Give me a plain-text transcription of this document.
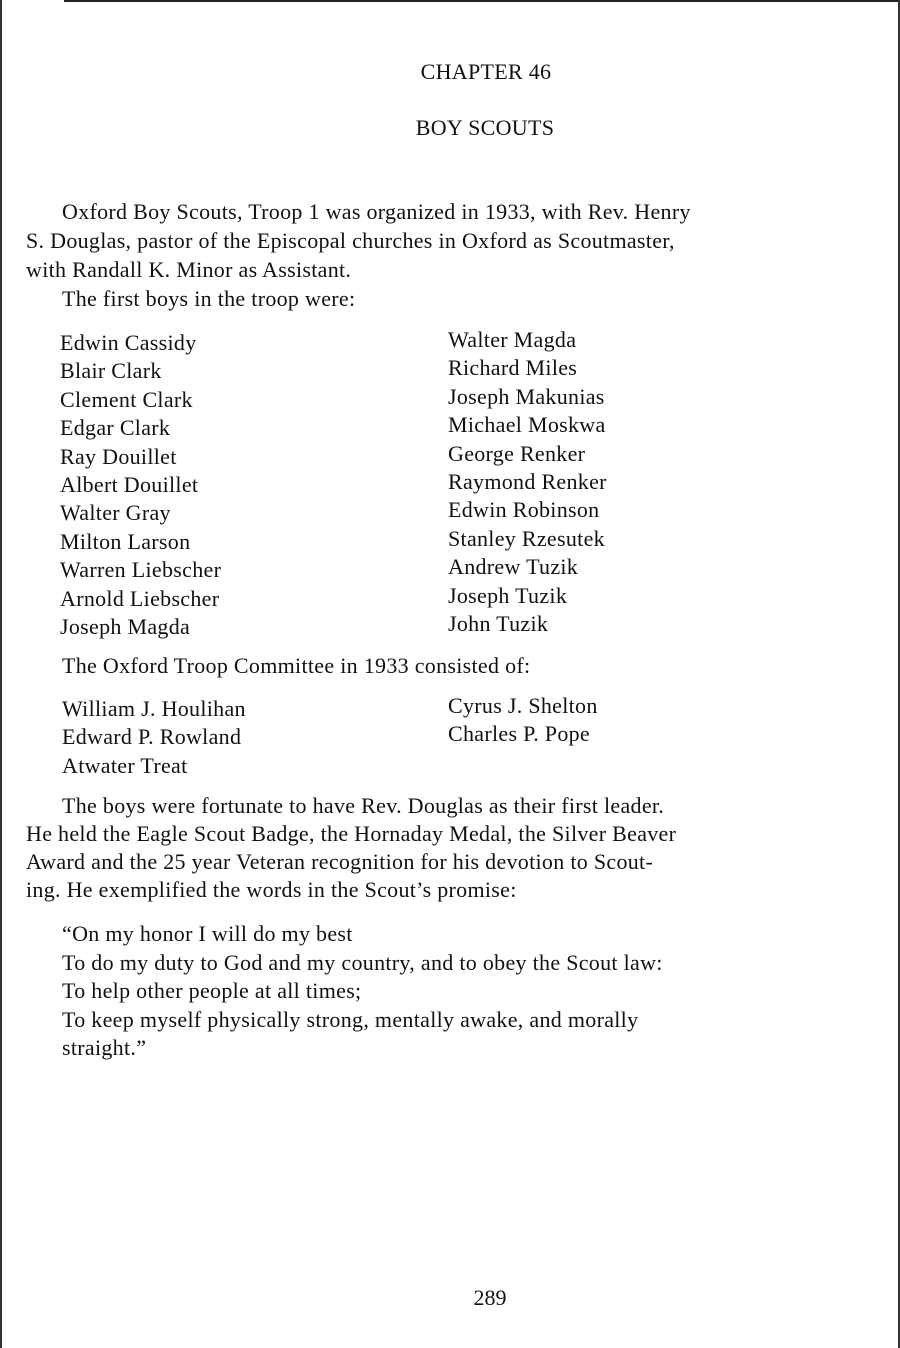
CHAPTER 46
BOY SCOUTS
Oxford Boy Scouts, Troop 1 was organized in 1933, with Rev. Henry
S. Douglas, pastor of the Episcopal churches in Oxford as Scoutmaster,
with Randall K. Minor as Assistant.
The first boys in the troop were:
Edwin Cassidy
Blair Clark
Clement Clark
Edgar Clark
Ray Douillet
Albert Douillet
Walter Gray
Milton Larson
Warren Liebscher
Arnold Liebscher
Joseph Magda
Walter Magda
Richard Miles
Joseph Makunias
Michael Moskwa
George Renker
Raymond Renker
Edwin Robinson
Stanley Rzesutek
Andrew Tuzik
Joseph Tuzik
John Tuzik
The Oxford Troop Committee in 1933 consisted of:
William J. Houlihan
Edward P. Rowland
Atwater Treat
Cyrus J. Shelton
Charles P. Pope
The boys were fortunate to have Rev. Douglas as their first leader.
He held the Eagle Scout Badge, the Hornaday Medal, the Silver Beaver
Award and the 25 year Veteran recognition for his devotion to Scout-
ing. He exemplified the words in the Scout’s promise:
“On my honor I will do my best
To do my duty to God and my country, and to obey the Scout law:
To help other people at all times;
To keep myself physically strong, mentally awake, and morally
straight.”
289
